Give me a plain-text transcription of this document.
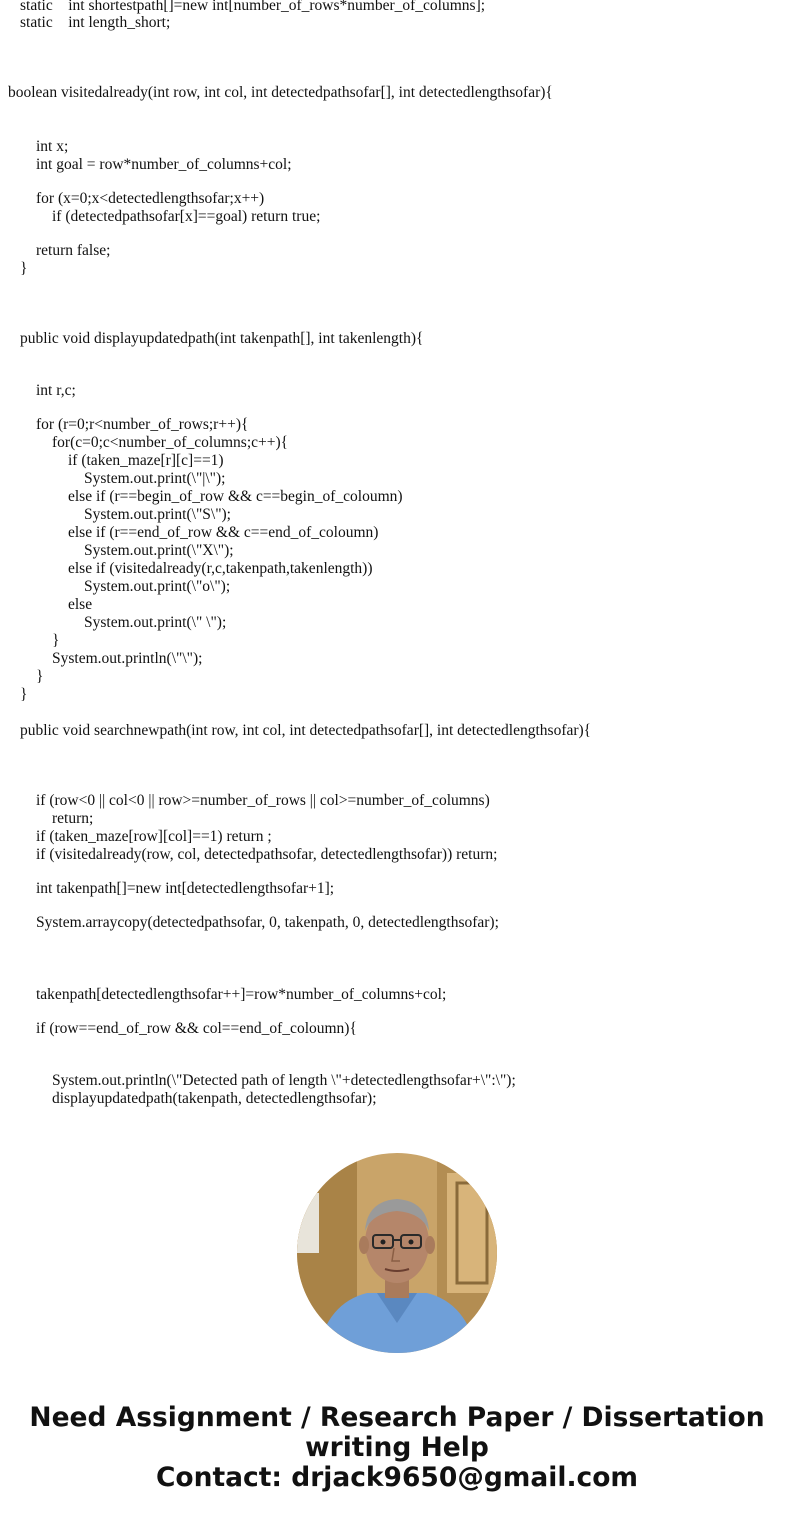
static    int shortestpath[]=new int[number_of_rows*number_of_columns];
static    int length_short;
boolean visitedalready(int row, int col, int detectedpathsofar[], int detectedlengthsofar){
int x;
int goal = row*number_of_columns+col;
for (x=0;x<detectedlengthsofar;x++)
if (detectedpathsofar[x]==goal) return true;
return false;
}
public void displayupdatedpath(int takenpath[], int takenlength){
int r,c;
for (r=0;r<number_of_rows;r++){
for(c=0;c<number_of_columns;c++){
if (taken_maze[r][c]==1)
System.out.print(\"|\");
else if (r==begin_of_row && c==begin_of_coloumn)
System.out.print(\"S\");
else if (r==end_of_row && c==end_of_coloumn)
System.out.print(\"X\");
else if (visitedalready(r,c,takenpath,takenlength))
System.out.print(\"o\");
else
System.out.print(\" \");
}
System.out.println(\"\");
}
}
public void searchnewpath(int row, int col, int detectedpathsofar[], int detectedlengthsofar){
if (row<0 || col<0 || row>=number_of_rows || col>=number_of_columns)
return;
if (taken_maze[row][col]==1) return ;
if (visitedalready(row, col, detectedpathsofar, detectedlengthsofar)) return;
int takenpath[]=new int[detectedlengthsofar+1];
System.arraycopy(detectedpathsofar, 0, takenpath, 0, detectedlengthsofar);
takenpath[detectedlengthsofar++]=row*number_of_columns+col;
if (row==end_of_row && col==end_of_coloumn){
System.out.println(\"Detected path of length \"+detectedlengthsofar+\":\");
displayupdatedpath(takenpath, detectedlengthsofar);
Need Assignment / Research Paper / Dissertation
writing Help
Contact: drjack9650@gmail.com
